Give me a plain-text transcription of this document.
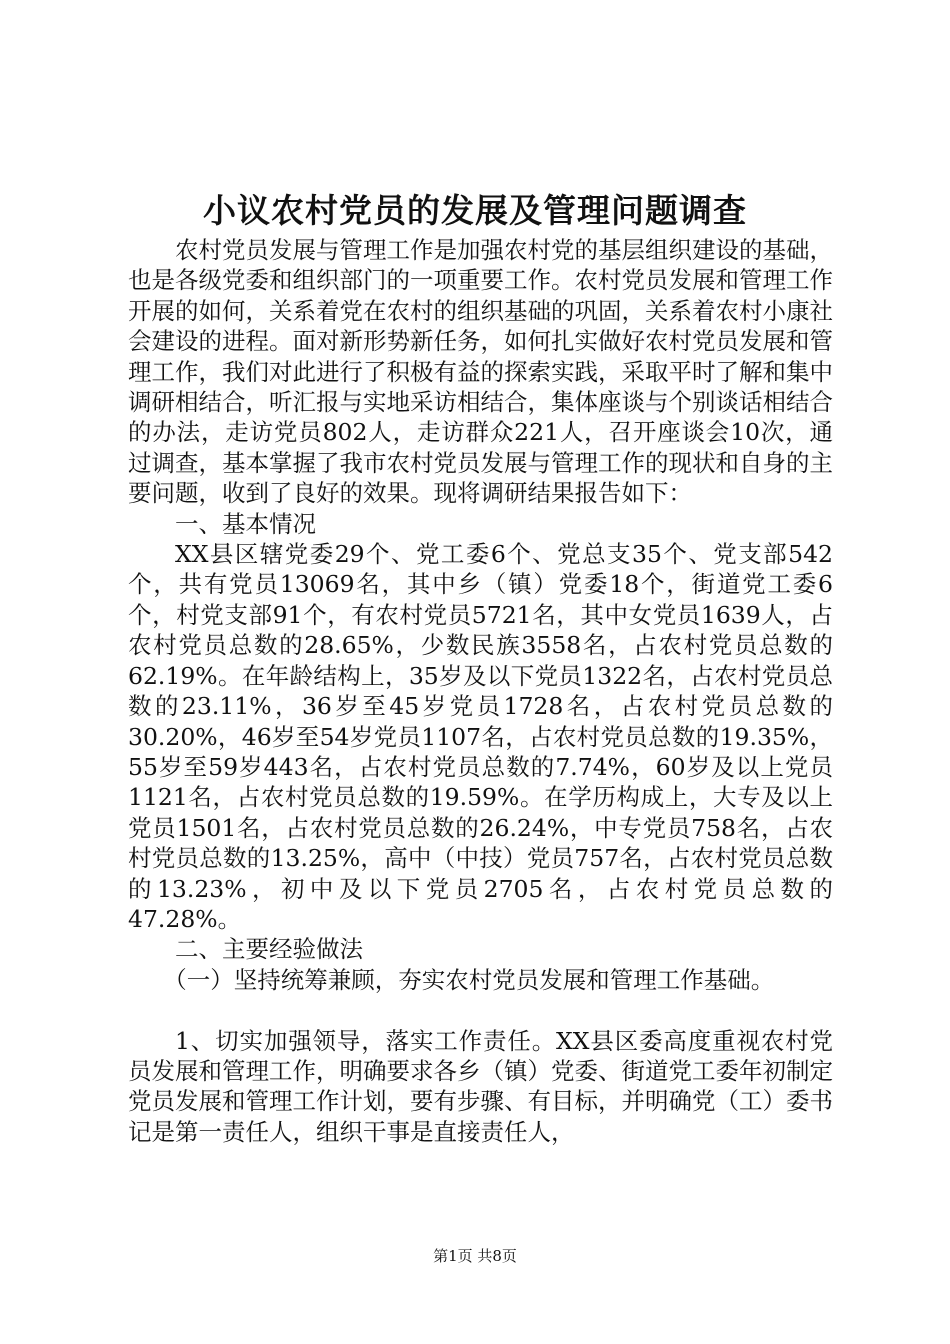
小议农村党员的发展及管理问题调查

农村党员发展与管理工作是加强农村党的基层组织建设的基础，也是各级党委和组织部门的一项重要工作。农村党员发展和管理工作开展的如何，关系着党在农村的组织基础的巩固，关系着农村小康社会建设的进程。面对新形势新任务，如何扎实做好农村党员发展和管理工作，我们对此进行了积极有益的探索实践，采取平时了解和集中调研相结合，听汇报与实地采访相结合，集体座谈与个别谈话相结合的办法，走访党员802人，走访群众221人，召开座谈会10次，通过调查，基本掌握了我市农村党员发展与管理工作的现状和自身的主要问题，收到了良好的效果。现将调研结果报告如下：

一、基本情况

XX县区辖党委29个、党工委6个、党总支35个、党支部542个，共有党员13069名，其中乡（镇）党委18个，街道党工委6个，村党支部91个，有农村党员5721名，其中女党员1639人，占农村党员总数的28.65%，少数民族3558名，占农村党员总数的62.19%。在年龄结构上，35岁及以下党员1322名，占农村党员总数的23.11%，36岁至45岁党员1728名，占农村党员总数的30.20%，46岁至54岁党员1107名，占农村党员总数的19.35%，55岁至59岁443名，占农村党员总数的7.74%，60岁及以上党员1121名，占农村党员总数的19.59%。在学历构成上，大专及以上党员1501名，占农村党员总数的26.24%，中专党员758名，占农村党员总数的13.25%，高中（中技）党员757名，占农村党员总数的13.23%，初中及以下党员2705名，占农村党员总数的47.28%。

二、主要经验做法

（一）坚持统筹兼顾，夯实农村党员发展和管理工作基础。

1、切实加强领导，落实工作责任。XX县区委高度重视农村党员发展和管理工作，明确要求各乡（镇）党委、街道党工委年初制定党员发展和管理工作计划，要有步骤、有目标，并明确党（工）委书记是第一责任人，组织干事是直接责任人，

第1页 共8页
